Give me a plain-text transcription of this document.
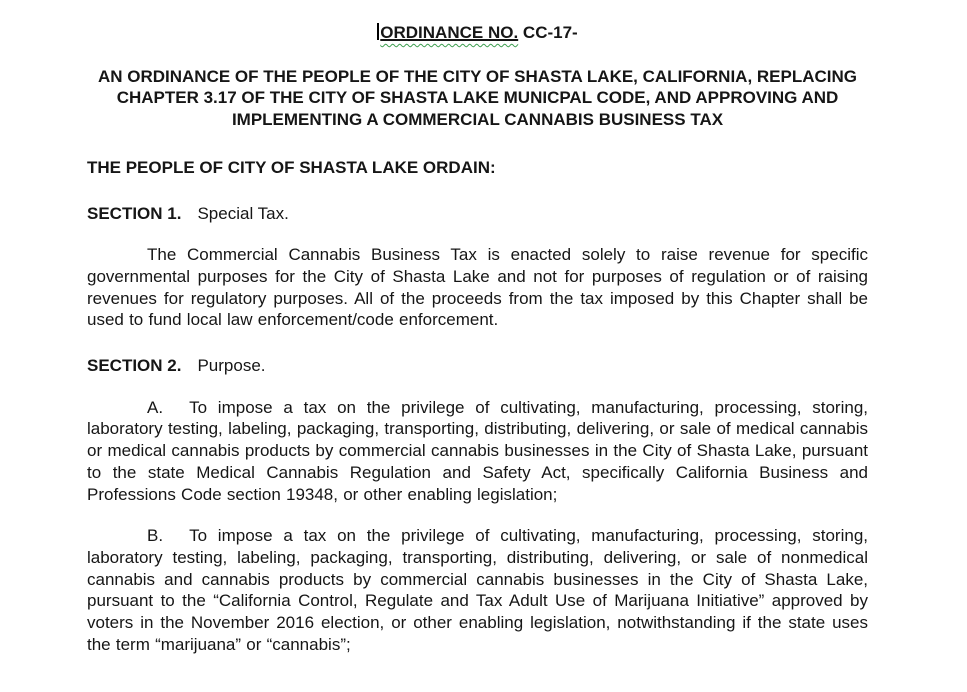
ORDINANCE NO. CC-17-

AN ORDINANCE OF THE PEOPLE OF THE CITY OF SHASTA LAKE, CALIFORNIA, REPLACING CHAPTER 3.17 OF THE CITY OF SHASTA LAKE MUNICPAL CODE, AND APPROVING AND IMPLEMENTING A COMMERCIAL CANNABIS BUSINESS TAX

THE PEOPLE OF CITY OF SHASTA LAKE ORDAIN:

SECTION 1. Special Tax.

The Commercial Cannabis Business Tax is enacted solely to raise revenue for specific governmental purposes for the City of Shasta Lake and not for purposes of regulation or of raising revenues for regulatory purposes. All of the proceeds from the tax imposed by this Chapter shall be used to fund local law enforcement/code enforcement.

SECTION 2. Purpose.

A. To impose a tax on the privilege of cultivating, manufacturing, processing, storing, laboratory testing, labeling, packaging, transporting, distributing, delivering, or sale of medical cannabis or medical cannabis products by commercial cannabis businesses in the City of Shasta Lake, pursuant to the state Medical Cannabis Regulation and Safety Act, specifically California Business and Professions Code section 19348, or other enabling legislation;

B. To impose a tax on the privilege of cultivating, manufacturing, processing, storing, laboratory testing, labeling, packaging, transporting, distributing, delivering, or sale of nonmedical cannabis and cannabis products by commercial cannabis businesses in the City of Shasta Lake, pursuant to the “California Control, Regulate and Tax Adult Use of Marijuana Initiative” approved by voters in the November 2016 election, or other enabling legislation, notwithstanding if the state uses the term “marijuana” or “cannabis”;
